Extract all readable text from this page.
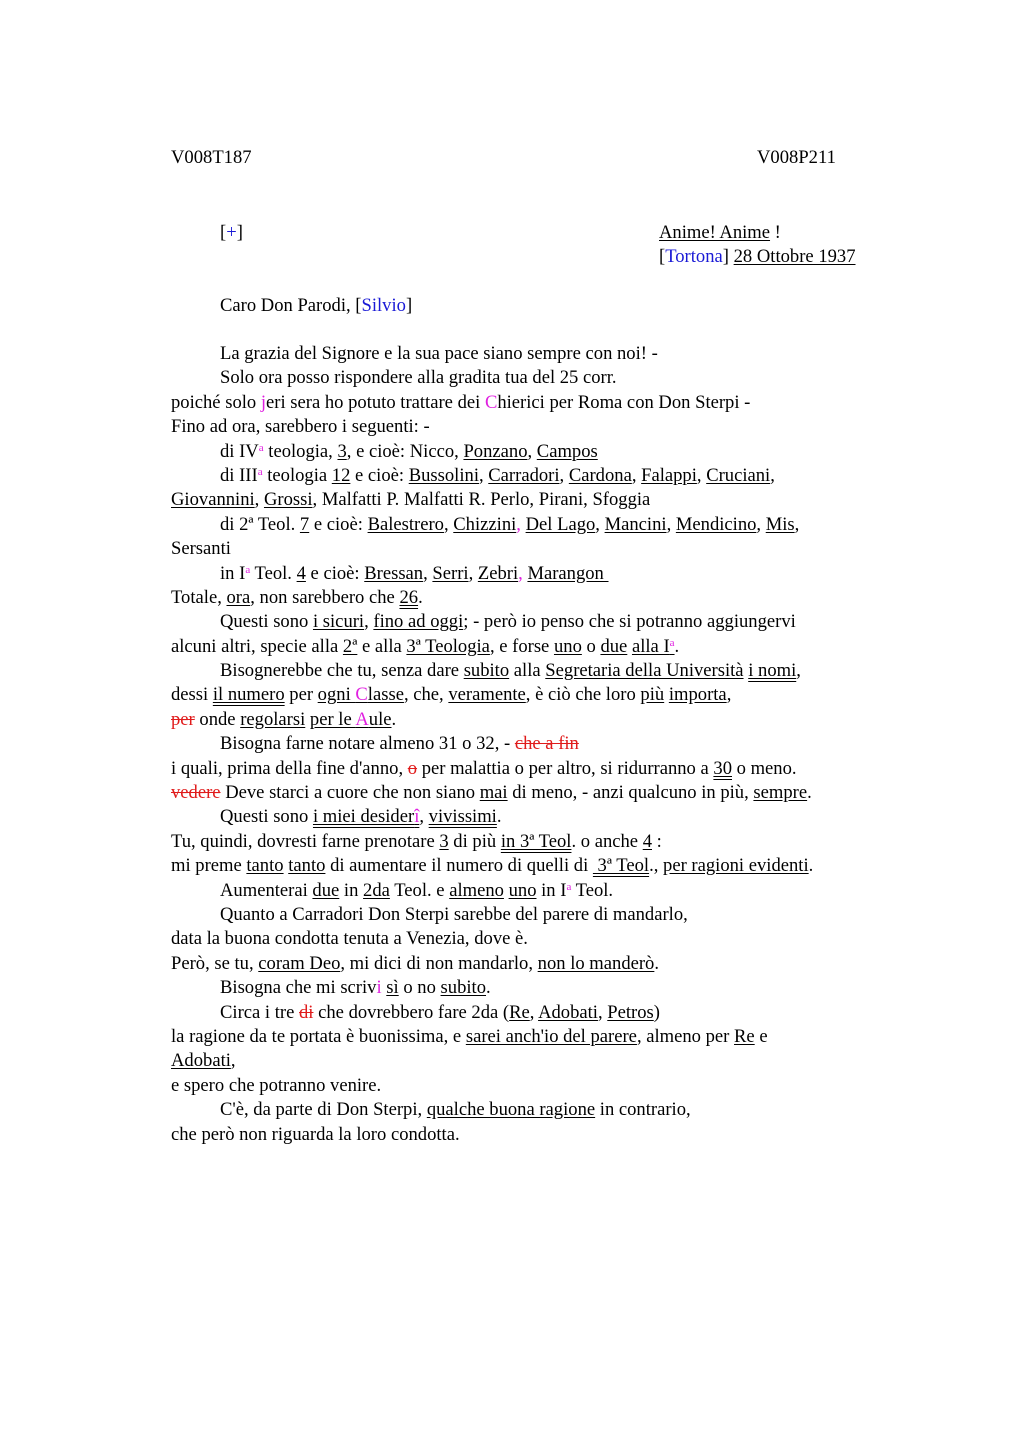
V008T187	V008P211
[+]	Anime! Anime !
[Tortona] 28 Ottobre 1937
Caro Don Parodi, [Silvio]
La grazia del Signore e la sua pace siano sempre con noi! -
Solo ora posso rispondere alla gradita tua del 25 corr.
poiché solo jeri sera ho potuto trattare dei Chierici per Roma con Don Sterpi -
Fino ad ora, sarebbero i seguenti: -
di $IV^a$ teologia, 3, e cioè: Nicco, Ponzano, Campos
di III$^a$ teologia 12 e cioè: Bussolini, Carradori, Cardona, Falappi, Cruciani,
Giovannini, Grossi, Malfatti P. Malfatti R. Perlo, Pirani, Sfoggia
di 2ª Teol. 7 e cioè: Balestrero, Chizzini, Del Lago, Mancini, Mendicino, Mis,
Sersanti
in $I^a$ Teol. 4 e cioè: Bressan, Serri, Zebri, Marangon
Totale, ora, non sarebbero che 26.
Questi sono i sicuri, fino ad oggi; - però io penso che si potranno aggiungervi
alcuni altri, specie alla 2ª e alla 3ª Teologia, e forse uno o due alla $I^a$.
Bisognerebbe che tu, senza dare subito alla Segretaria della Università i nomi,
dessi il numero per ogni Classe, che, veramente, è ciò che loro più importa,
per onde regolarsi per le Aule.
Bisogna farne notare almeno 31 o 32, - che a fin
i quali, prima della fine d'anno, o per malattia o per altro, si ridurranno a 30 o meno.
vedere Deve starci a cuore che non siano mai di meno, - anzi qualcuno in più, sempre.
Questi sono i miei desiderî, vivissimi.
Tu, quindi, dovresti farne prenotare 3 di più in 3ª Teol. o anche 4 :
mi preme tanto tanto di aumentare il numero di quelli di  3ª Teol., per ragioni evidenti.
Aumenterai due in 2da Teol. e almeno uno in $I^a$ Teol.
Quanto a Carradori Don Sterpi sarebbe del parere di mandarlo,
data la buona condotta tenuta a Venezia, dove è.
Però, se tu, coram Deo, mi dici di non mandarlo, non lo manderò.
Bisogna che mi scrivi sì o no subito.
Circa i tre di che dovrebbero fare 2da (Re, Adobati, Petros)
la ragione da te portata è buonissima, e sarei anch'io del parere, almeno per Re e
Adobati,
e spero che potranno venire.
C'è, da parte di Don Sterpi, qualche buona ragione in contrario,
che però non riguarda la loro condotta.
